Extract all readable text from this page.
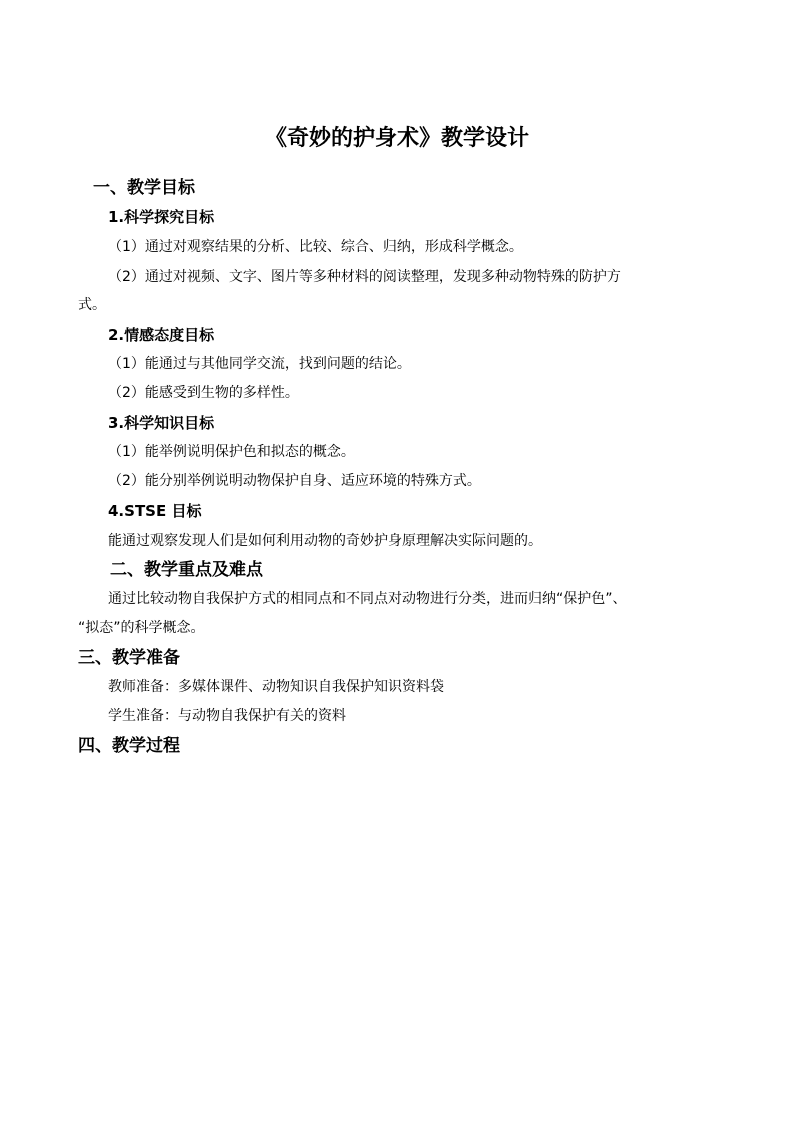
《奇妙的护身术》教学设计
一、教学目标
1.科学探究目标
（1）通过对观察结果的分析、比较、综合、归纳，形成科学概念。
（2）通过对视频、文字、图片等多种材料的阅读整理，发现多种动物特殊的防护方
式。
2.情感态度目标
（1）能通过与其他同学交流，找到问题的结论。
（2）能感受到生物的多样性。
3.科学知识目标
（1）能举例说明保护色和拟态的概念。
（2）能分别举例说明动物保护自身、适应环境的特殊方式。
4.STSE 目标
能通过观察发现人们是如何利用动物的奇妙护身原理解决实际问题的。
二、教学重点及难点
通过比较动物自我保护方式的相同点和不同点对动物进行分类，进而归纳“保护色”、
“拟态”的科学概念。
三、教学准备
教师准备：多媒体课件、动物知识自我保护知识资料袋
学生准备：与动物自我保护有关的资料
四、教学过程
